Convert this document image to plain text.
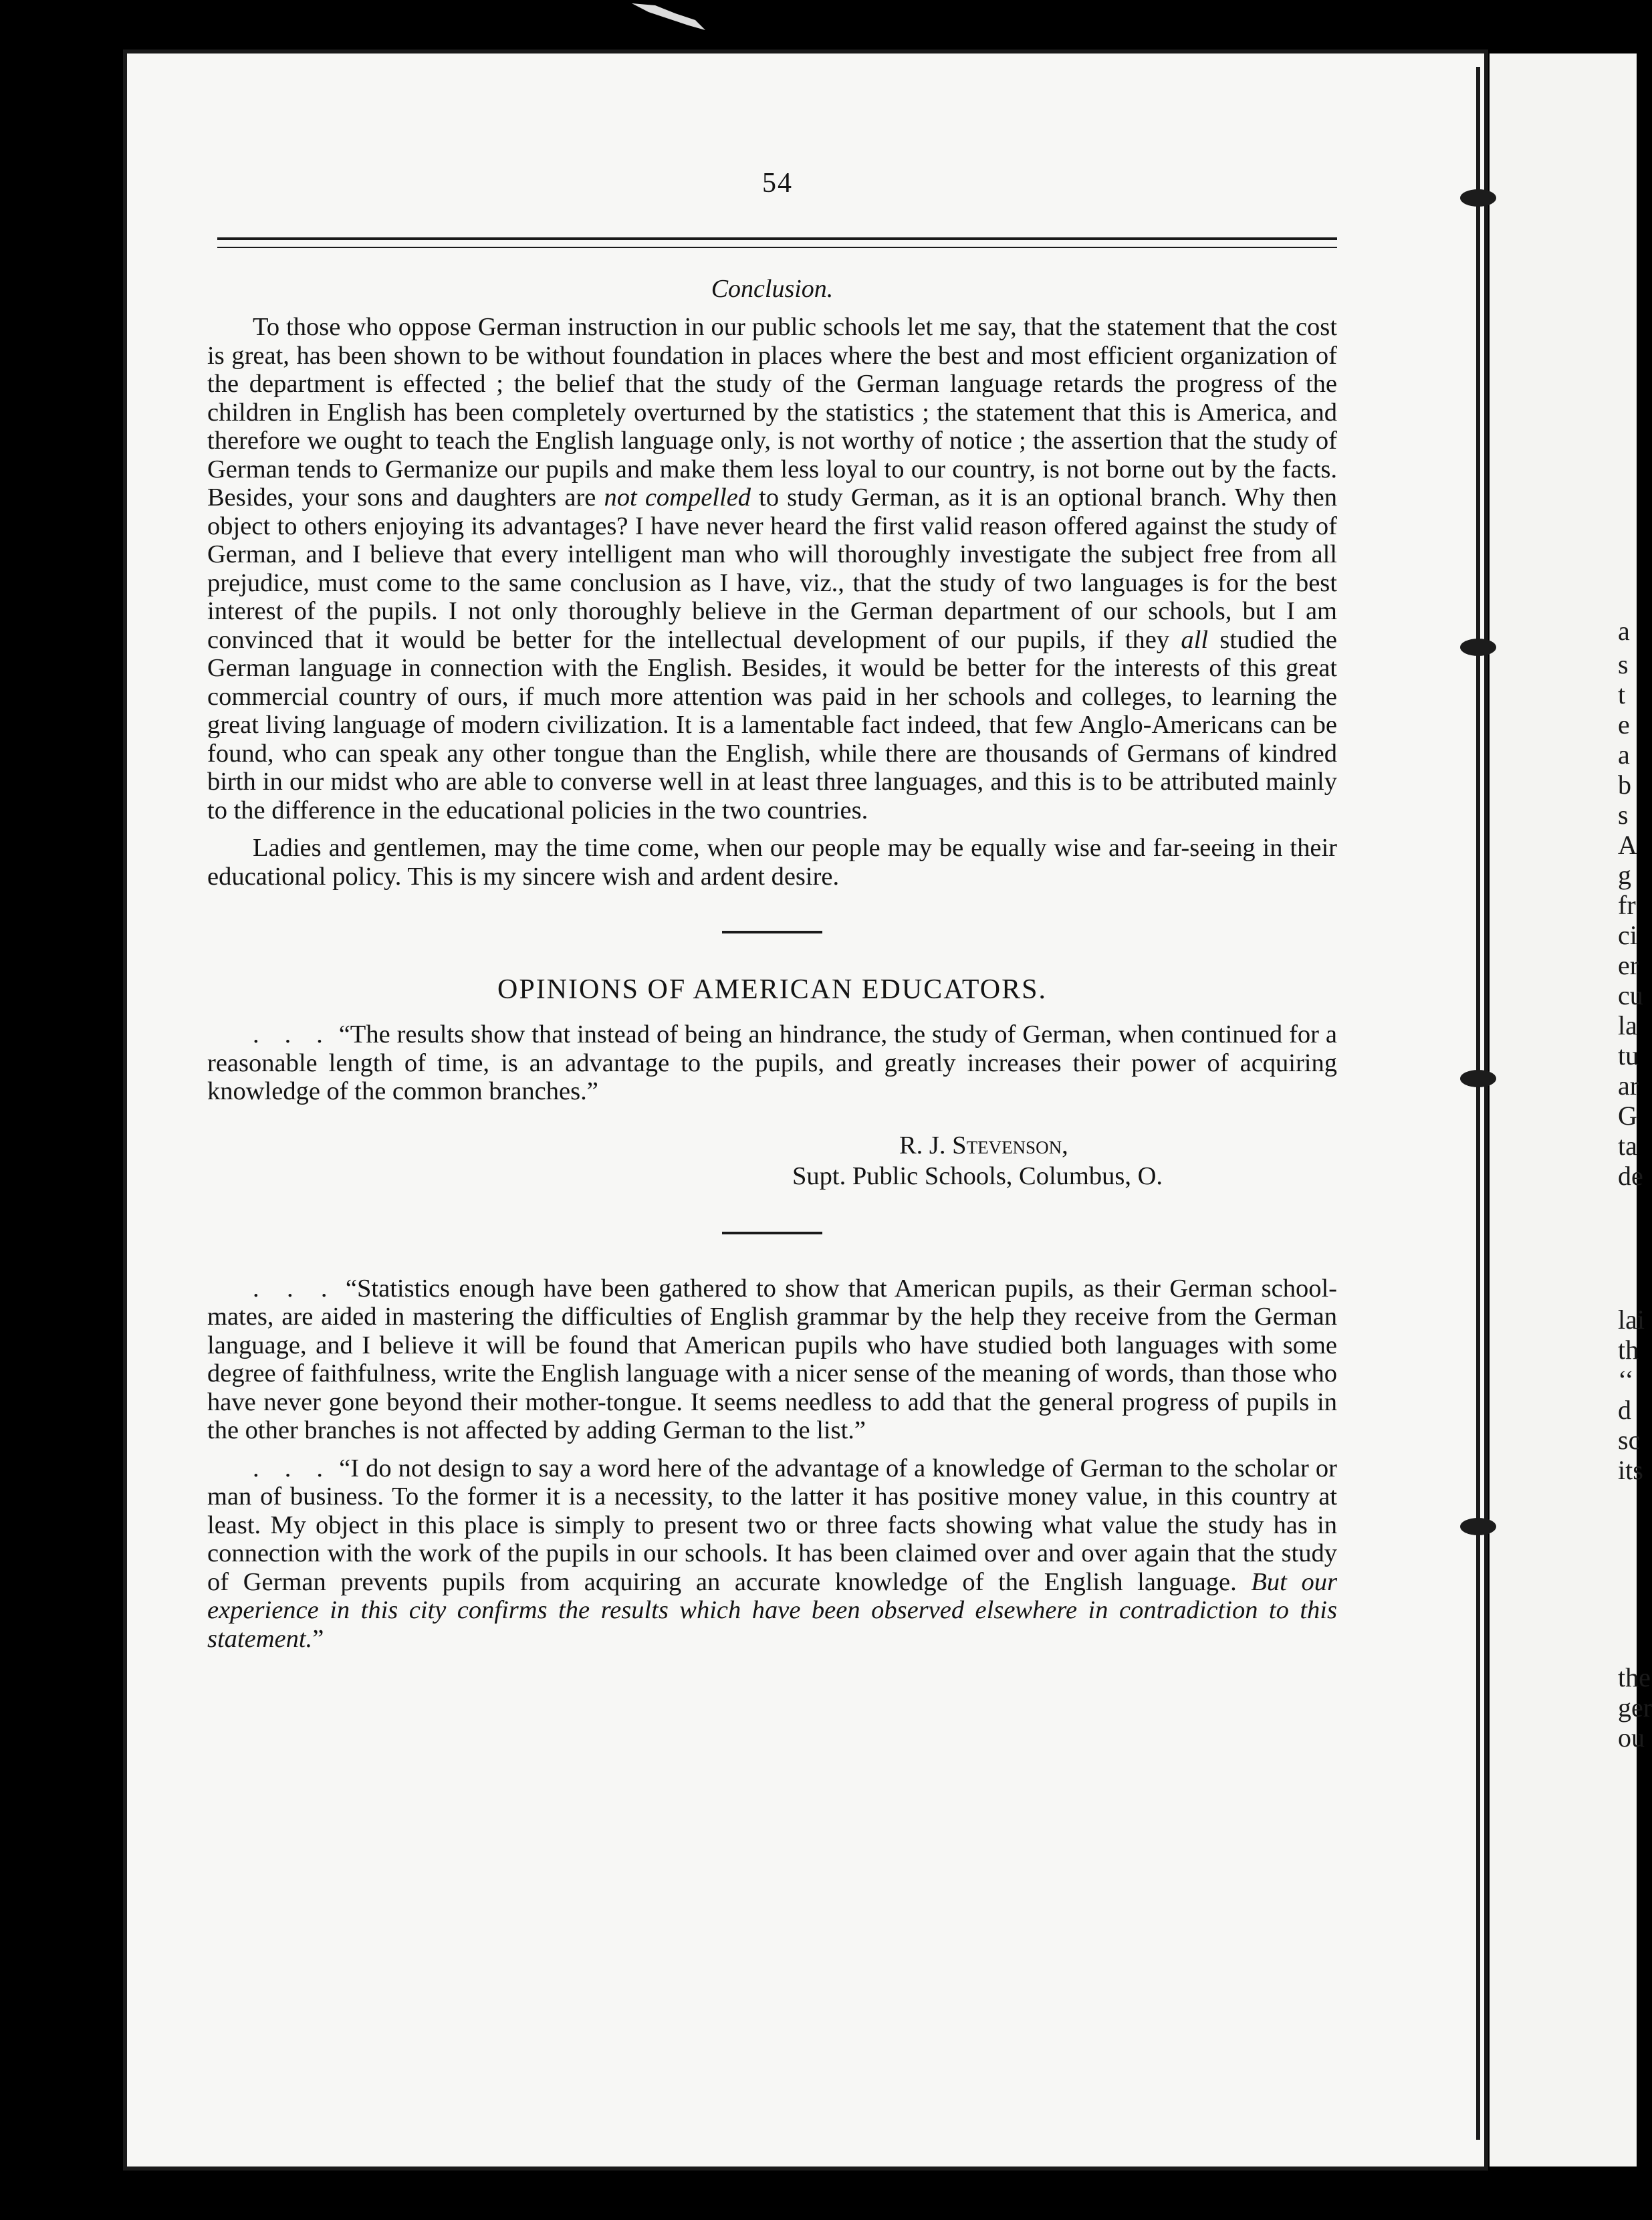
a
s
t
e
a
b
s
A
g
fr
ci
er
cu
la
tu
ar
G
ta
de
lai
th
‘‘
d
sc
its
the
ger
ou
54
Conclusion.

To those who oppose German instruction in our public schools let me say, that the statement that the cost is great, has been shown to be without foundation in places where the best and most efficient organization of the department is effected ; the belief that the study of the German language retards the progress of the children in English has been completely overturned by the statistics ; the statement that this is America, and therefore we ought to teach the English language only, is not worthy of notice ; the assertion that the study of German tends to Germanize our pupils and make them less loyal to our country, is not borne out by the facts. Besides, your sons and daughters are not compelled to study German, as it is an optional branch. Why then object to others enjoying its advantages? I have never heard the first valid reason offered against the study of German, and I believe that every intelligent man who will thoroughly investigate the subject free from all prejudice, must come to the same conclusion as I have, viz., that the study of two languages is for the best interest of the pupils. I not only thoroughly believe in the German department of our schools, but I am convinced that it would be better for the intellectual development of our pupils, if they all studied the German language in connection with the English. Besides, it would be better for the interests of this great commercial country of ours, if much more attention was paid in her schools and colleges, to learning the great living language of modern civilization. It is a lamentable fact indeed, that few Anglo-Americans can be found, who can speak any other tongue than the English, while there are thousands of Germans of kindred birth in our midst who are able to converse well in at least three languages, and this is to be attributed mainly to the difference in the educational policies in the two countries.

Ladies and gentlemen, may the time come, when our people may be equally wise and far-seeing in their educational policy. This is my sincere wish and ardent desire.

OPINIONS OF AMERICAN EDUCATORS.

. . . “The results show that instead of being an hindrance, the study of German, when continued for a reasonable length of time, is an advantage to the pupils, and greatly increases their power of acquiring knowledge of the common branches.”

R. J. Stevenson,
Supt. Public Schools, Columbus, O.

. . . “Statistics enough have been gathered to show that American pupils, as their German school-mates, are aided in mastering the difficulties of English grammar by the help they receive from the German language, and I believe it will be found that American pupils who have studied both languages with some degree of faithfulness, write the English language with a nicer sense of the meaning of words, than those who have never gone beyond their mother-tongue. It seems needless to add that the general progress of pupils in the other branches is not affected by adding German to the list.”

. . . “I do not design to say a word here of the advantage of a knowledge of German to the scholar or man of business. To the former it is a necessity, to the latter it has positive money value, in this country at least. My object in this place is simply to present two or three facts showing what value the study has in connection with the work of the pupils in our schools. It has been claimed over and over again that the study of German prevents pupils from acquiring an accurate knowledge of the English language. But our experience in this city confirms the results which have been observed elsewhere in contradiction to this statement.”
